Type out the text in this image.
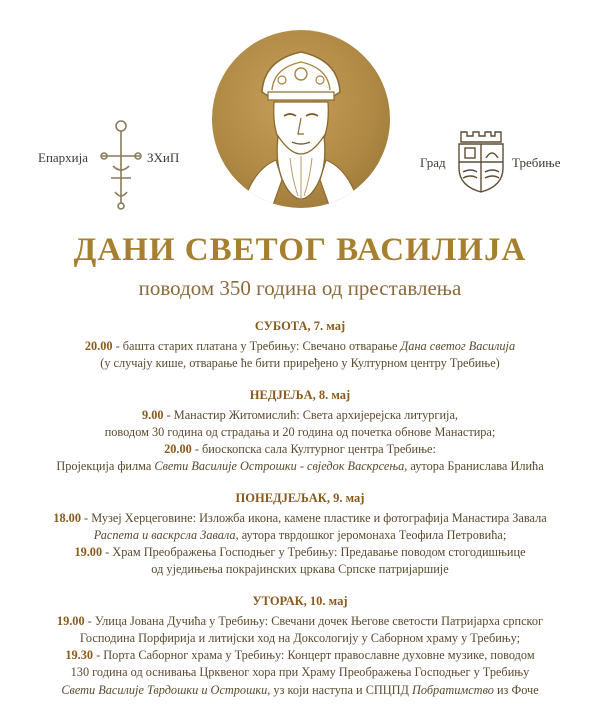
Епархија	ЗХиП	Град	Требиње
ДАНИ СВЕТОГ ВАСИЛИЈА
поводом 350 година од преставлења
СУБОТА, 7. мај
20.00 - башта старих платана у Требињу: Свечано отварање Дана светог Василија
(у случају кише, отварање ће бити приређено у Културном центру Требиње)
НЕДЈЕЉА, 8. мај
9.00 - Манастир Житомислић: Света архијерејска литургија,
поводом 30 година од страдања и 20 година од почетка обнове Манастира;
20.00 - биоскопска сала Културног центра Требиње:
Пројекција филма Свети Василије Острошки - свједок Васкрсења, аутора Бранислава Илића
ПОНЕДЈЕЉАК, 9. мај
18.00 - Музеј Херцеговине: Изложба икона, камене пластике и фотографија Манастира Завала
Распета и васкрсла Завала, аутора тврдошког јеромонаха Теофила Петровића;
19.00 - Храм Преображења Господњег у Требињу: Предавање поводом стогодишњице
од уједињења покрајинских цркава Српске патријаршије
УТОРАК, 10. мај
19.00 - Улица Јована Дучића у Требињу: Свечани дочек Његове светости Патријарха српског
Господина Порфирија и литијски ход на Доксологију у Саборном храму у Требињу;
19.30 - Порта Саборног храма у Требињу: Концерт православне духовне музике, поводом
130 година од оснивања Црквеног хора при Храму Преображења Господњег у Требињу
Свети Василије Тврдошки и Острошки, уз који наступа и СПЦПД Побратимство из Фоче
